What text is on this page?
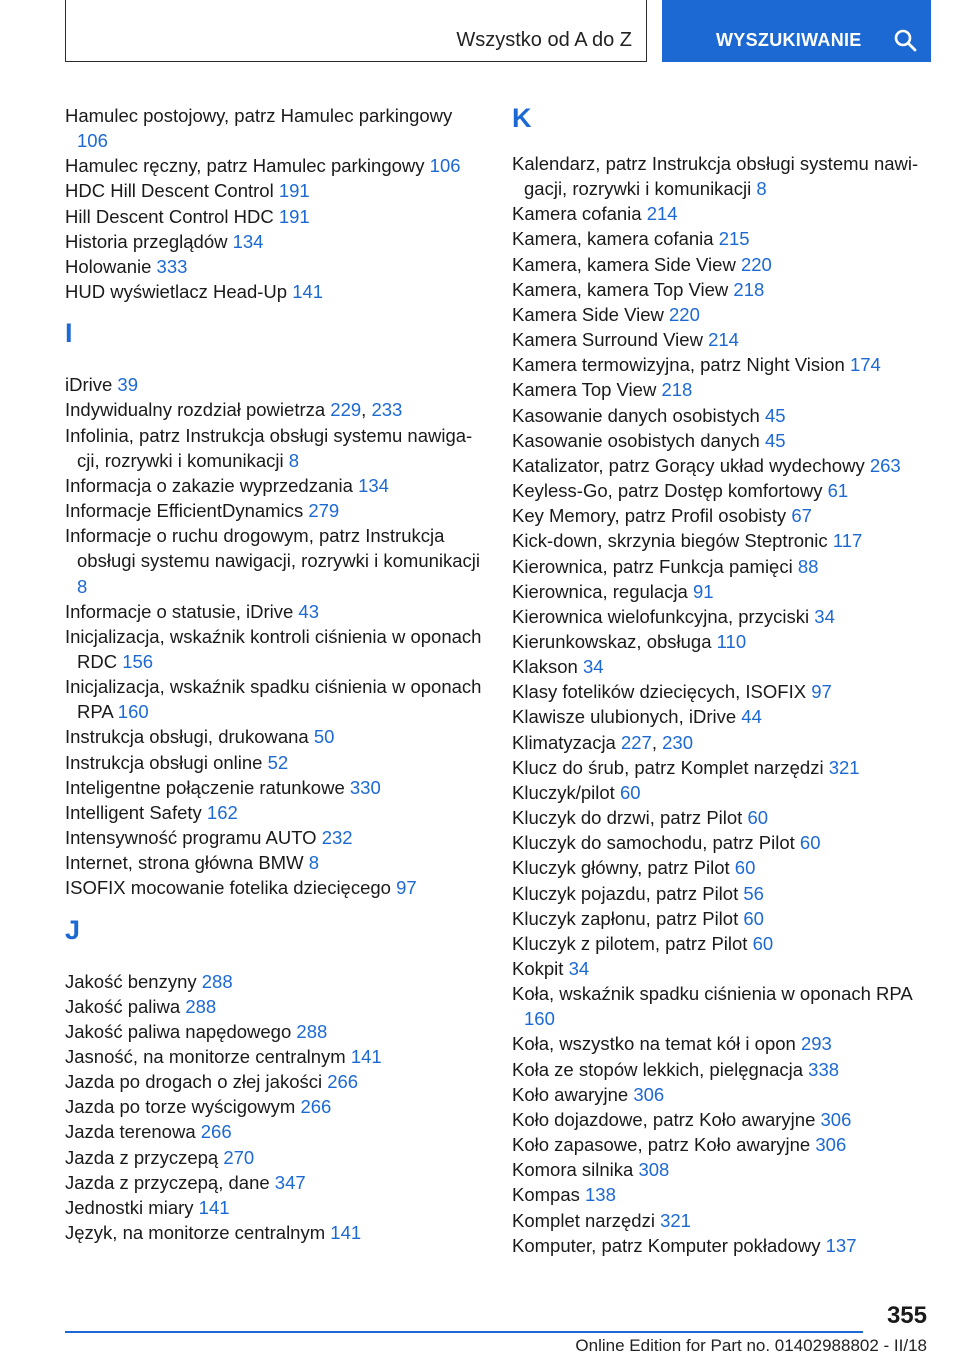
Wszystko od A do Z	WYSZUKIWANIE
Hamulec postojowy, patrz Hamulec parkingowy 106
Hamulec ręczny, patrz Hamulec parkingowy 106
HDC Hill Descent Control 191
Hill Descent Control HDC 191
Historia przeglądów 134
Holowanie 333
HUD wyświetlacz Head-Up 141
I
iDrive 39
Indywidualny rozdział powietrza 229, 233
Infolinia, patrz Instrukcja obsługi systemu nawigacji, rozrywki i komunikacji 8
Informacja o zakazie wyprzedzania 134
Informacje EfficientDynamics 279
Informacje o ruchu drogowym, patrz Instrukcja obsługi systemu nawigacji, rozrywki i komunikacji 8
Informacje o statusie, iDrive 43
Inicjalizacja, wskaźnik kontroli ciśnienia w oponach RDC 156
Inicjalizacja, wskaźnik spadku ciśnienia w oponach RPA 160
Instrukcja obsługi, drukowana 50
Instrukcja obsługi online 52
Inteligentne połączenie ratunkowe 330
Intelligent Safety 162
Intensywność programu AUTO 232
Internet, strona główna BMW 8
ISOFIX mocowanie fotelika dziecięcego 97
J
Jakość benzyny 288
Jakość paliwa 288
Jakość paliwa napędowego 288
Jasność, na monitorze centralnym 141
Jazda po drogach o złej jakości 266
Jazda po torze wyścigowym 266
Jazda terenowa 266
Jazda z przyczepą 270
Jazda z przyczepą, dane 347
Jednostki miary 141
Język, na monitorze centralnym 141
K
Kalendarz, patrz Instrukcja obsługi systemu nawigacji, rozrywki i komunikacji 8
Kamera cofania 214
Kamera, kamera cofania 215
Kamera, kamera Side View 220
Kamera, kamera Top View 218
Kamera Side View 220
Kamera Surround View 214
Kamera termowizyjna, patrz Night Vision 174
Kamera Top View 218
Kasowanie danych osobistych 45
Kasowanie osobistych danych 45
Katalizator, patrz Gorący układ wydechowy 263
Keyless-Go, patrz Dostęp komfortowy 61
Key Memory, patrz Profil osobisty 67
Kick-down, skrzynia biegów Steptronic 117
Kierownica, patrz Funkcja pamięci 88
Kierownica, regulacja 91
Kierownica wielofunkcyjna, przyciski 34
Kierunkowskaz, obsługa 110
Klakson 34
Klasy fotelików dziecięcych, ISOFIX 97
Klawisze ulubionych, iDrive 44
Klimatyzacja 227, 230
Klucz do śrub, patrz Komplet narzędzi 321
Kluczyk/pilot 60
Kluczyk do drzwi, patrz Pilot 60
Kluczyk do samochodu, patrz Pilot 60
Kluczyk główny, patrz Pilot 60
Kluczyk pojazdu, patrz Pilot 56
Kluczyk zapłonu, patrz Pilot 60
Kluczyk z pilotem, patrz Pilot 60
Kokpit 34
Koła, wskaźnik spadku ciśnienia w oponach RPA 160
Koła, wszystko na temat kół i opon 293
Koła ze stopów lekkich, pielęgnacja 338
Koło awaryjne 306
Koło dojazdowe, patrz Koło awaryjne 306
Koło zapasowe, patrz Koło awaryjne 306
Komora silnika 308
Kompas 138
Komplet narzędzi 321
Komputer, patrz Komputer pokładowy 137
355
Online Edition for Part no. 01402988802 - II/18
